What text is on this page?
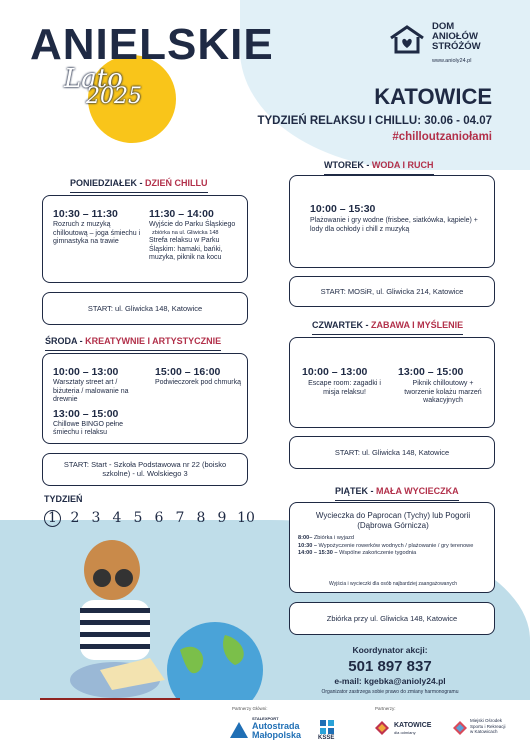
ANIELSKIE
Lato
2025
DOM
ANIOŁÓW
STRÓŻÓW
www.anioly24.pl
KATOWICE
TYDZIEŃ RELAKSU I CHILLU: 30.06 - 04.07
#chilloutzaniołami
WTOREK - WODA I RUCH
10:00 – 15:30
Plażowanie i gry wodne (frisbee, siatkówka, kąpiele) + lody dla ochłody i chill z muzyką
START: MOSiR, ul. Gliwicka 214, Katowice
PONIEDZIAŁEK - DZIEŃ CHILLU
10:30 – 11:30
Rozruch z muzyką chilloutową – joga śmiechu i gimnastyka na trawie
11:30 – 14:00
Wyjście do Parku Śląskiego
zbiórka na ul. Gliwicka 148
Strefa relaksu w Parku Śląskim: hamaki, bańki, muzyka, piknik na kocu
START: ul. Gliwicka 148, Katowice
CZWARTEK - ZABAWA I MYŚLENIE
10:00 – 13:00
Escape room: zagadki i misja relaksu!
13:00 – 15:00
Piknik chilloutowy + tworzenie kolażu marzeń wakacyjnych
START: ul. Gliwicka 148, Katowice
ŚRODA - KREATYWNIE I ARTYSTYCZNIE
10:00 – 13:00
Warsztaty street art / biżuteria / malowanie na drewnie
13:00 – 15:00
Chillowe BINGO pełne śmiechu i relaksu
15:00 – 16:00
Podwieczorek pod chmurką
START: Start - Szkoła Podstawowa nr 22 (boisko szkolne) - ul. Wolskiego 3
PIĄTEK - MAŁA WYCIECZKA
Wycieczka do Paprocan (Tychy) lub Pogorii (Dąbrowa Górnicza)
8:00– Zbiórka i wyjazd
10:30 – Wypożyczenie rowerków wodnych / plażowanie / gry terenowe
14:00 – 15:30 – Wspólne zakończenie tygodnia
Wyjścia i wycieczki dla osób najbardziej zaangażowanych
Zbiórka przy ul. Gliwicka 148, Katowice
TYDZIEŃ
1 2 3 4 5 6 7 8 9 10
Koordynator akcji:
501 897 837
e-mail: kgebka@anioly24.pl
Organizator zastrzega sobie prawo do zmiany harmonogramu
Partnerzy Główni:	Partnerzy:
STALEXPORT
Autostrada
Małopolska	KSSE
KATOWICE
dla odmiany
Miejski Ośrodek
Sportu i Rekreacji
w Katowicach
